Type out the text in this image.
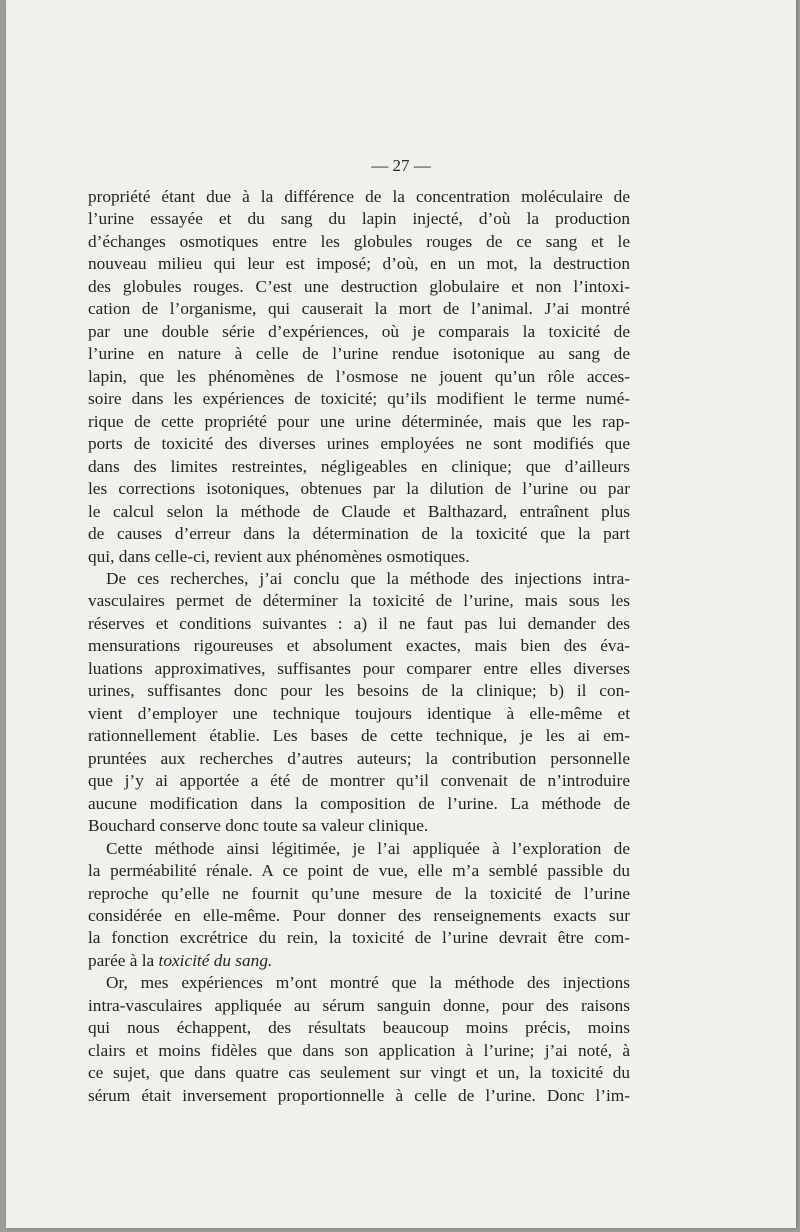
— 27 —
propriété étant due à la différence de la concentration moléculaire de
l’urine essayée et du sang du lapin injecté, d’où la production
d’échanges osmotiques entre les globules rouges de ce sang et le
nouveau milieu qui leur est imposé; d’où, en un mot, la destruction
des globules rouges. C’est une destruction globulaire et non l’intoxi-
cation de l’organisme, qui causerait la mort de l’animal. J’ai montré
par une double série d’expériences, où je comparais la toxicité de
l’urine en nature à celle de l’urine rendue isotonique au sang de
lapin, que les phénomènes de l’osmose ne jouent qu’un rôle acces-
soire dans les expériences de toxicité; qu’ils modifient le terme numé-
rique de cette propriété pour une urine déterminée, mais que les rap-
ports de toxicité des diverses urines employées ne sont modifiés que
dans des limites restreintes, négligeables en clinique; que d’ailleurs
les corrections isotoniques, obtenues par la dilution de l’urine ou par
le calcul selon la méthode de Claude et Balthazard, entraînent plus
de causes d’erreur dans la détermination de la toxicité que la part
qui, dans celle-ci, revient aux phénomènes osmotiques.
De ces recherches, j’ai conclu que la méthode des injections intra-
vasculaires permet de déterminer la toxicité de l’urine, mais sous les
réserves et conditions suivantes : a) il ne faut pas lui demander des
mensurations rigoureuses et absolument exactes, mais bien des éva-
luations approximatives, suffisantes pour comparer entre elles diverses
urines, suffisantes donc pour les besoins de la clinique; b) il con-
vient d’employer une technique toujours identique à elle-même et
rationnellement établie. Les bases de cette technique, je les ai em-
pruntées aux recherches d’autres auteurs; la contribution personnelle
que j’y ai apportée a été de montrer qu’il convenait de n’introduire
aucune modification dans la composition de l’urine. La méthode de
Bouchard conserve donc toute sa valeur clinique.
Cette méthode ainsi légitimée, je l’ai appliquée à l’exploration de
la perméabilité rénale. A ce point de vue, elle m’a semblé passible du
reproche qu’elle ne fournit qu’une mesure de la toxicité de l’urine
considérée en elle-même. Pour donner des renseignements exacts sur
la fonction excrétrice du rein, la toxicité de l’urine devrait être com-
parée à la toxicité du sang.
Or, mes expériences m’ont montré que la méthode des injections
intra-vasculaires appliquée au sérum sanguin donne, pour des raisons
qui nous échappent, des résultats beaucoup moins précis, moins
clairs et moins fidèles que dans son application à l’urine; j’ai noté, à
ce sujet, que dans quatre cas seulement sur vingt et un, la toxicité du
sérum était inversement proportionnelle à celle de l’urine. Donc l’im-
